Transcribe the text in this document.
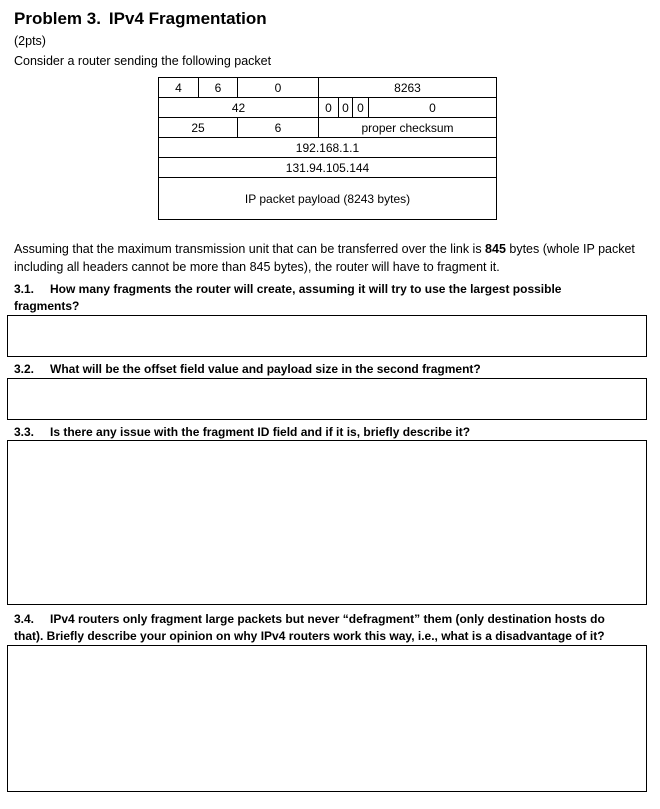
Problem 3. IPv4 Fragmentation
(2pts)
Consider a router sending the following packet
4	6	0	8263			
42			0	0	0	0
25		6	proper checksum			
192.168.1.1						
131.94.105.144						
IP packet payload (8243 bytes)						
Assuming that the maximum transmission unit that can be transferred over the link is 845 bytes (whole IP packet including all headers cannot be more than 845 bytes), the router will have to fragment it.
3.1. How many fragments the router will create, assuming it will try to use the largest possible
fragments?
3.2. What will be the offset field value and payload size in the second fragment?
3.3. Is there any issue with the fragment ID field and if it is, briefly describe it?
3.4. IPv4 routers only fragment large packets but never “defragment” them (only destination hosts do
that). Briefly describe your opinion on why IPv4 routers work this way, i.e., what is a disadvantage of it?
